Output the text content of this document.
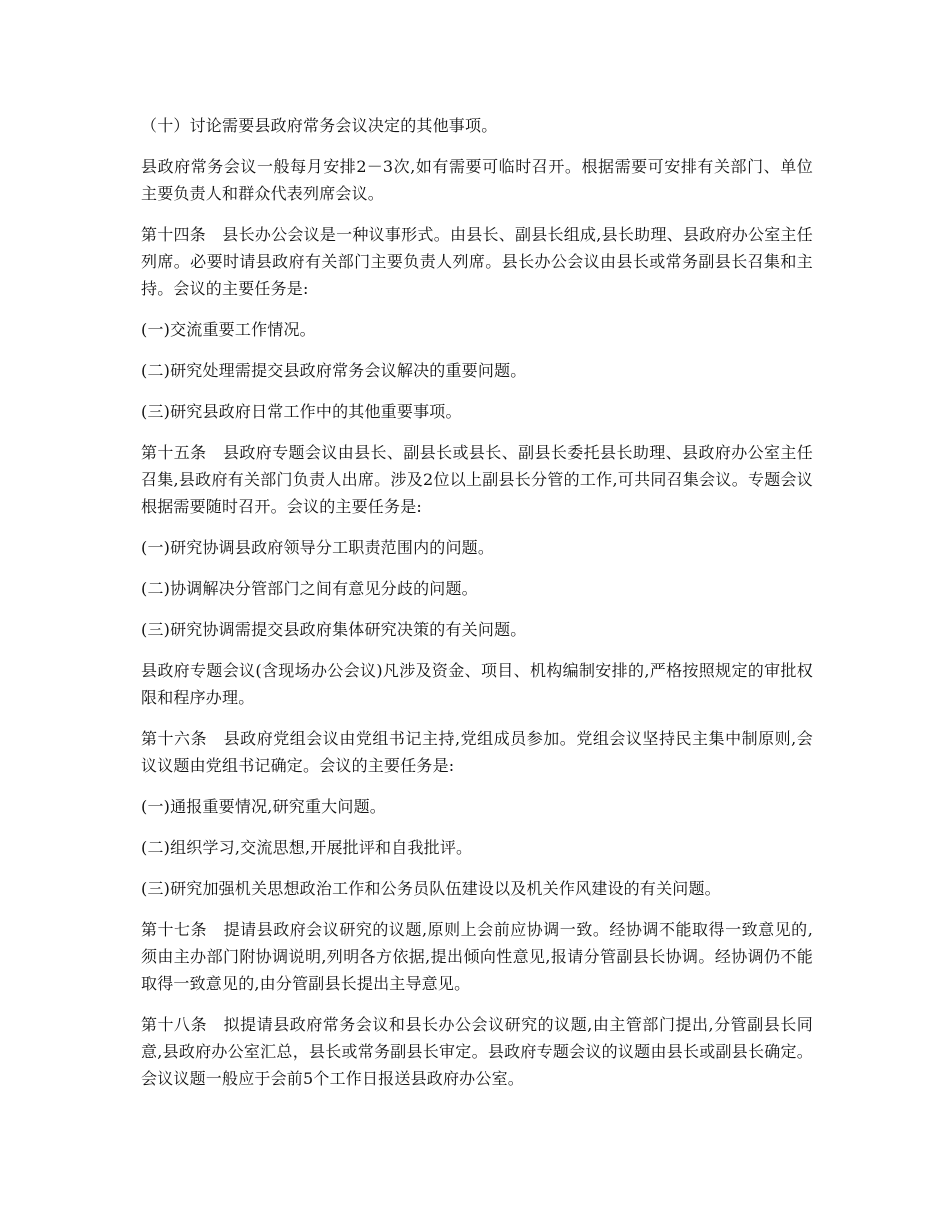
（十）讨论需要县政府常务会议决定的其他事项。

县政府常务会议一般每月安排2－3次,如有需要可临时召开。根据需要可安排有关部门、单位主要负责人和群众代表列席会议。

第十四条　县长办公会议是一种议事形式。由县长、副县长组成,县长助理、县政府办公室主任列席。必要时请县政府有关部门主要负责人列席。县长办公会议由县长或常务副县长召集和主持。会议的主要任务是:

(一)交流重要工作情况。

(二)研究处理需提交县政府常务会议解决的重要问题。

(三)研究县政府日常工作中的其他重要事项。

第十五条　县政府专题会议由县长、副县长或县长、副县长委托县长助理、县政府办公室主任召集,县政府有关部门负责人出席。涉及2位以上副县长分管的工作,可共同召集会议。专题会议根据需要随时召开。会议的主要任务是:

(一)研究协调县政府领导分工职责范围内的问题。

(二)协调解决分管部门之间有意见分歧的问题。

(三)研究协调需提交县政府集体研究决策的有关问题。

县政府专题会议(含现场办公会议)凡涉及资金、项目、机构编制安排的,严格按照规定的审批权限和程序办理。

第十六条　县政府党组会议由党组书记主持,党组成员参加。党组会议坚持民主集中制原则,会议议题由党组书记确定。会议的主要任务是:

(一)通报重要情况,研究重大问题。

(二)组织学习,交流思想,开展批评和自我批评。

(三)研究加强机关思想政治工作和公务员队伍建设以及机关作风建设的有关问题。

第十七条　提请县政府会议研究的议题,原则上会前应协调一致。经协调不能取得一致意见的,须由主办部门附协调说明,列明各方依据,提出倾向性意见,报请分管副县长协调。经协调仍不能取得一致意见的,由分管副县长提出主导意见。

第十八条　拟提请县政府常务会议和县长办公会议研究的议题,由主管部门提出,分管副县长同意,县政府办公室汇总，县长或常务副县长审定。县政府专题会议的议题由县长或副县长确定。会议议题一般应于会前5个工作日报送县政府办公室。
